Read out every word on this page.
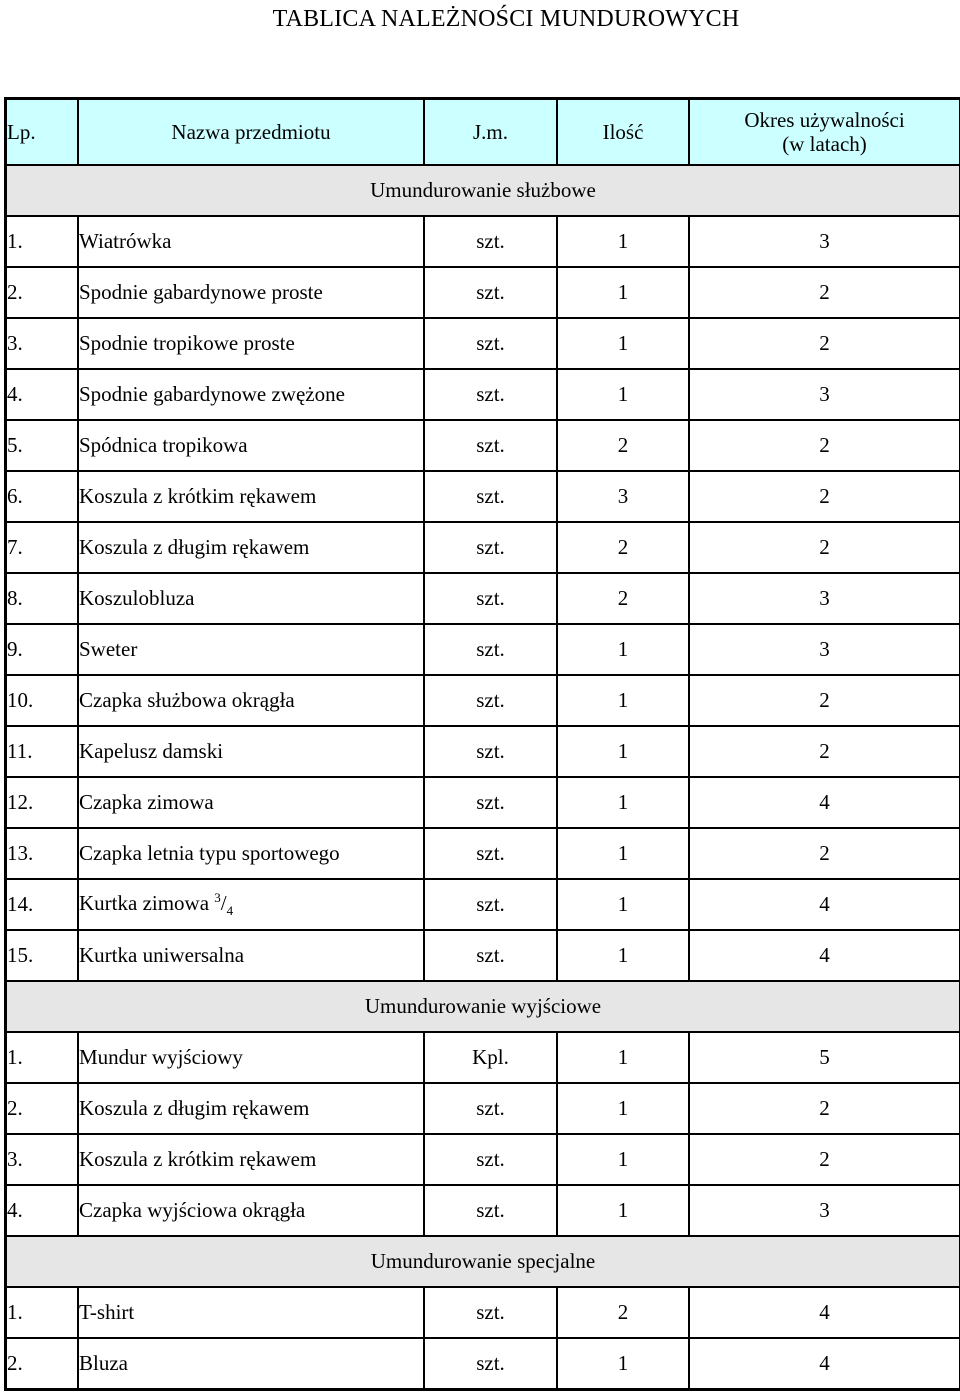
TABLICA NALEŻNOŚCI MUNDUROWYCH
Lp.	Nazwa przedmiotu	J.m.	Ilość	Okres używalności
(w latach)
Umundurowanie służbowe				
1.	Wiatrówka	szt.	1	3
2.	Spodnie gabardynowe proste	szt.	1	2
3.	Spodnie tropikowe proste	szt.	1	2
4.	Spodnie gabardynowe zwężone	szt.	1	3
5.	Spódnica tropikowa	szt.	2	2
6.	Koszula z krótkim rękawem	szt.	3	2
7.	Koszula z długim rękawem	szt.	2	2
8.	Koszulobluza	szt.	2	3
9.	Sweter	szt.	1	3
10.	Czapka służbowa okrągła	szt.	1	2
11.	Kapelusz damski	szt.	1	2
12.	Czapka zimowa	szt.	1	4
13.	Czapka letnia typu sportowego	szt.	1	2
14.	Kurtka zimowa $^3/_4$	szt.	1	4
15.	Kurtka uniwersalna	szt.	1	4
Umundurowanie wyjściowe				
1.	Mundur wyjściowy	Kpl.	1	5
2.	Koszula z długim rękawem	szt.	1	2
3.	Koszula z krótkim rękawem	szt.	1	2
4.	Czapka wyjściowa okrągła	szt.	1	3
Umundurowanie specjalne				
1.	T-shirt	szt.	2	4
2.	Bluza	szt.	1	4
